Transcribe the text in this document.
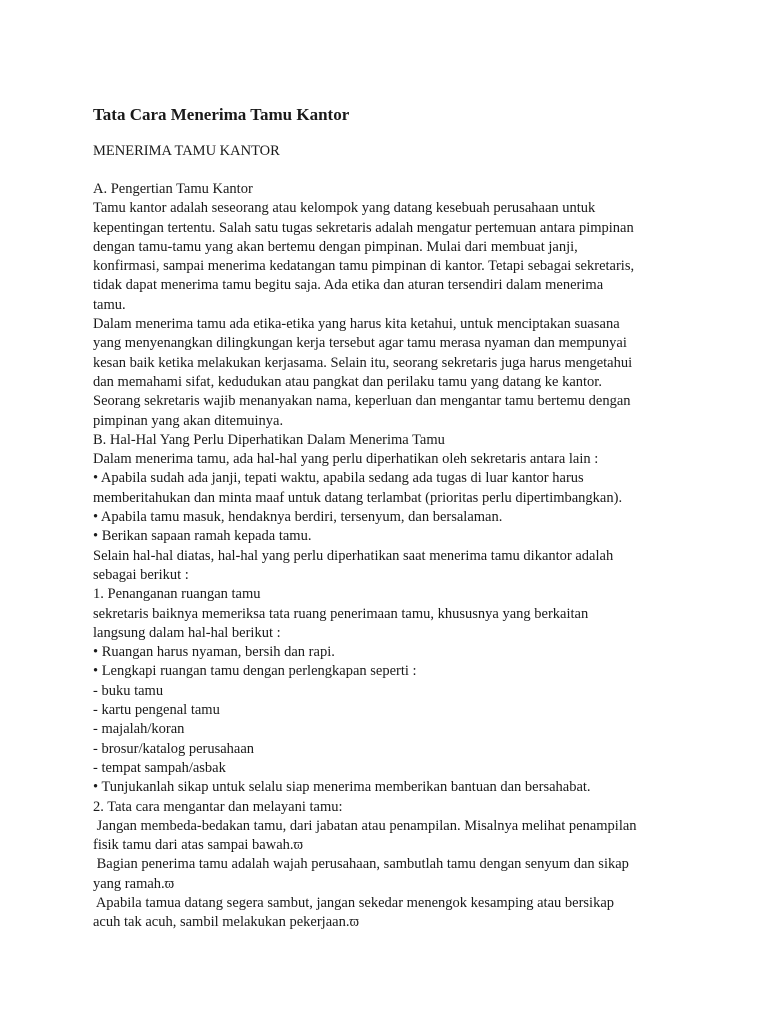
Tata Cara Menerima Tamu Kantor
MENERIMA TAMU KANTOR
A. Pengertian Tamu Kantor
Tamu kantor adalah seseorang atau kelompok yang datang kesebuah perusahaan untuk
kepentingan tertentu. Salah satu tugas sekretaris adalah mengatur pertemuan antara pimpinan
dengan tamu-tamu yang akan bertemu dengan pimpinan. Mulai dari membuat janji,
konfirmasi, sampai menerima kedatangan tamu pimpinan di kantor. Tetapi sebagai sekretaris,
tidak dapat menerima tamu begitu saja. Ada etika dan aturan tersendiri dalam menerima
tamu.
Dalam menerima tamu ada etika-etika yang harus kita ketahui, untuk menciptakan suasana
yang menyenangkan dilingkungan kerja tersebut agar tamu merasa nyaman dan mempunyai
kesan baik ketika melakukan kerjasama. Selain itu, seorang sekretaris juga harus mengetahui
dan memahami sifat, kedudukan atau pangkat dan perilaku tamu yang datang ke kantor.
Seorang sekretaris wajib menanyakan nama, keperluan dan mengantar tamu bertemu dengan
pimpinan yang akan ditemuinya.
B. Hal-Hal Yang Perlu Diperhatikan Dalam Menerima Tamu
Dalam menerima tamu, ada hal-hal yang perlu diperhatikan oleh sekretaris antara lain :
• Apabila sudah ada janji, tepati waktu, apabila sedang ada tugas di luar kantor harus
memberitahukan dan minta maaf untuk datang terlambat (prioritas perlu dipertimbangkan).
• Apabila tamu masuk, hendaknya berdiri, tersenyum, dan bersalaman.
• Berikan sapaan ramah kepada tamu.
Selain hal-hal diatas, hal-hal yang perlu diperhatikan saat menerima tamu dikantor adalah
sebagai berikut :
1. Penanganan ruangan tamu
sekretaris baiknya memeriksa tata ruang penerimaan tamu, khususnya yang berkaitan
langsung dalam hal-hal berikut :
• Ruangan harus nyaman, bersih dan rapi.
• Lengkapi ruangan tamu dengan perlengkapan seperti :
- buku tamu
- kartu pengenal tamu
- majalah/koran
- brosur/katalog perusahaan
- tempat sampah/asbak
• Tunjukanlah sikap untuk selalu siap menerima memberikan bantuan dan bersahabat.
2. Tata cara mengantar dan melayani tamu:
Jangan membeda-bedakan tamu, dari jabatan atau penampilan. Misalnya melihat penampilan
fisik tamu dari atas sampai bawah.ϖ
Bagian penerima tamu adalah wajah perusahaan, sambutlah tamu dengan senyum dan sikap
yang ramah.ϖ
Apabila tamua datang segera sambut, jangan sekedar menengok kesamping atau bersikap
acuh tak acuh, sambil melakukan pekerjaan.ϖ
